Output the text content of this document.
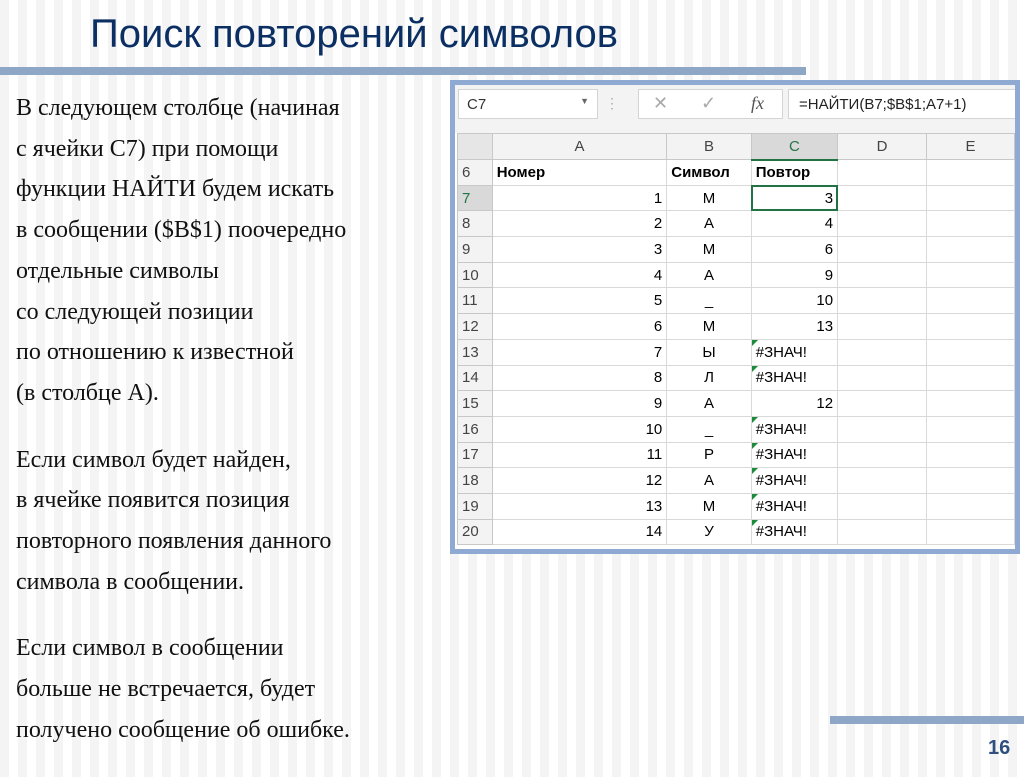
Поиск повторений символов

В следующем столбце (начиная
с ячейки С7) при помощи
функции НАЙТИ будем искать
в сообщении ($B$1) поочередно
отдельные символы
со следующей позиции
по отношению к известной
(в столбце А).

Если символ будет найден,
в ячейке появится позиция
повторного появления данного
символа в сообщении.

Если символ в сообщении
больше не встречается, будет
получено сообщение об ошибке.

C7	▼ ⋮ ✕ ✓ fx	=НАЙТИ(B7;$B$1;A7+1)
	A	B	C	D	E
6	Номер	Символ	Повтор		
7	1	М	3		
8	2	А	4		
9	3	М	6		
10	4	А	9		
11	5	_	10		
12	6	М	13		
13	7	Ы	#ЗНАЧ!		
14	8	Л	#ЗНАЧ!		
15	9	А	12		
16	10	_	#ЗНАЧ!		
17	11	Р	#ЗНАЧ!		
18	12	А	#ЗНАЧ!		
19	13	М	#ЗНАЧ!		
20	14	У	#ЗНАЧ!		
16
